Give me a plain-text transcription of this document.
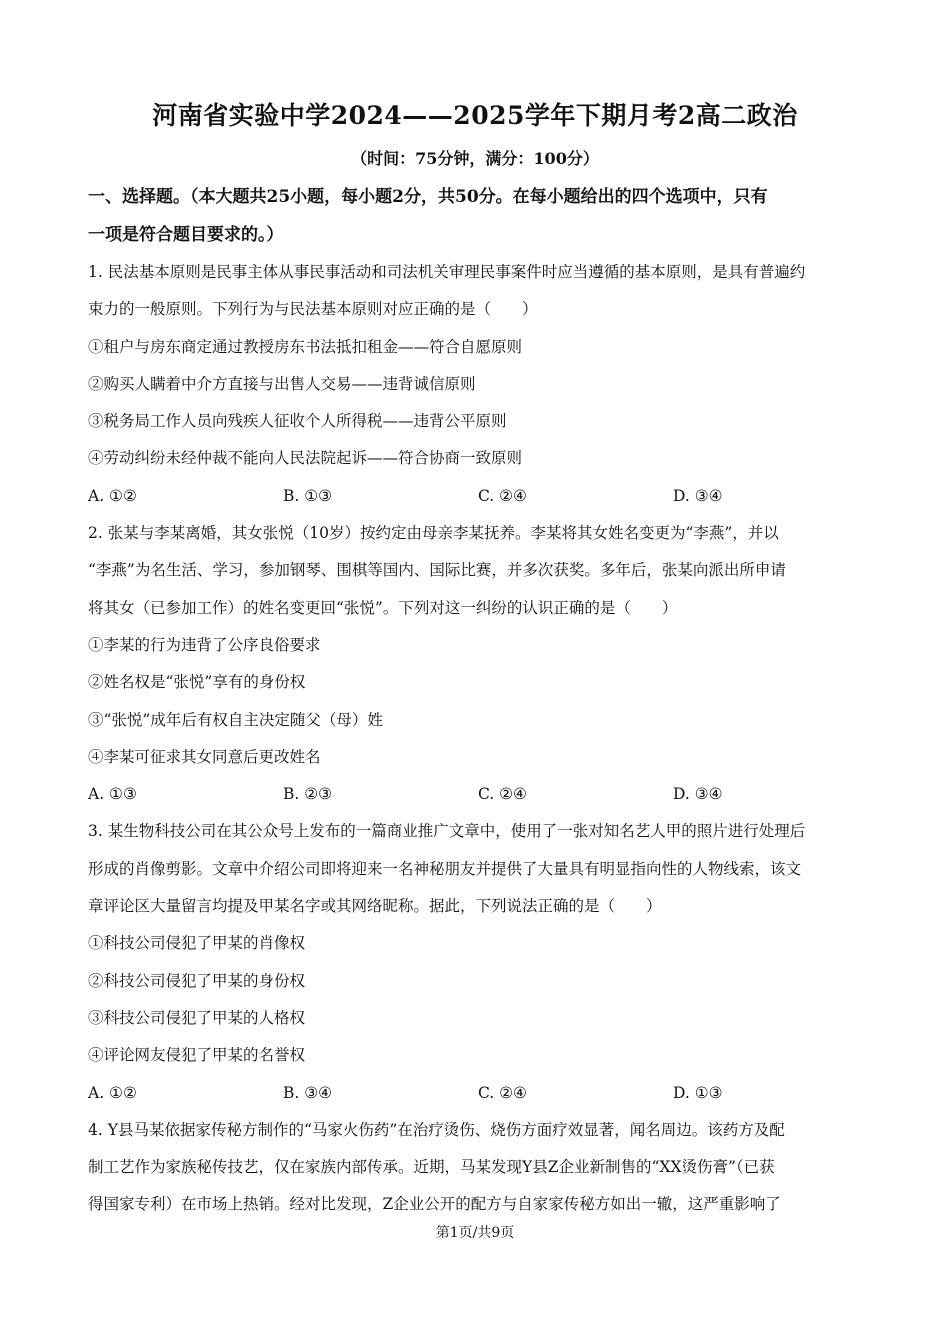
河南省实验中学2024——2025学年下期月考2高二政治
（时间：75分钟，满分：100分）
一、选择题。（本大题共25小题，每小题2分，共50分。在每小题给出的四个选项中，只有
一项是符合题目要求的。）
1. 民法基本原则是民事主体从事民事活动和司法机关审理民事案件时应当遵循的基本原则，是具有普遍约
束力的一般原则。下列行为与民法基本原则对应正确的是（　　）
①租户与房东商定通过教授房东书法抵扣租金——符合自愿原则
②购买人瞒着中介方直接与出售人交易——违背诚信原则
③税务局工作人员向残疾人征收个人所得税——违背公平原则
④劳动纠纷未经仲裁不能向人民法院起诉——符合协商一致原则
A. ①②	B. ①③	C. ②④	D. ③④
2. 张某与李某离婚，其女张悦（10岁）按约定由母亲李某抚养。李某将其女姓名变更为“李燕”，并以
“李燕”为名生活、学习，参加钢琴、围棋等国内、国际比赛，并多次获奖。多年后，张某向派出所申请
将其女（已参加工作）的姓名变更回“张悦”。下列对这一纠纷的认识正确的是（　　）
①李某的行为违背了公序良俗要求
②姓名权是“张悦”享有的身份权
③“张悦”成年后有权自主决定随父（母）姓
④李某可征求其女同意后更改姓名
A. ①③	B. ②③	C. ②④	D. ③④
3. 某生物科技公司在其公众号上发布的一篇商业推广文章中，使用了一张对知名艺人甲的照片进行处理后
形成的肖像剪影。文章中介绍公司即将迎来一名神秘朋友并提供了大量具有明显指向性的人物线索，该文
章评论区大量留言均提及甲某名字或其网络昵称。据此，下列说法正确的是（　　）
①科技公司侵犯了甲某的肖像权
②科技公司侵犯了甲某的身份权
③科技公司侵犯了甲某的人格权
④评论网友侵犯了甲某的名誉权
A. ①②	B. ③④	C. ②④	D. ①③
4. Y县马某依据家传秘方制作的“马家火伤药”在治疗烫伤、烧伤方面疗效显著，闻名周边。该药方及配
制工艺作为家族秘传技艺，仅在家族内部传承。近期，马某发现Y县Z企业新制售的“XX烫伤膏”（已获
得国家专利）在市场上热销。经对比发现，Z企业公开的配方与自家家传秘方如出一辙，这严重影响了
第1页/共9页
